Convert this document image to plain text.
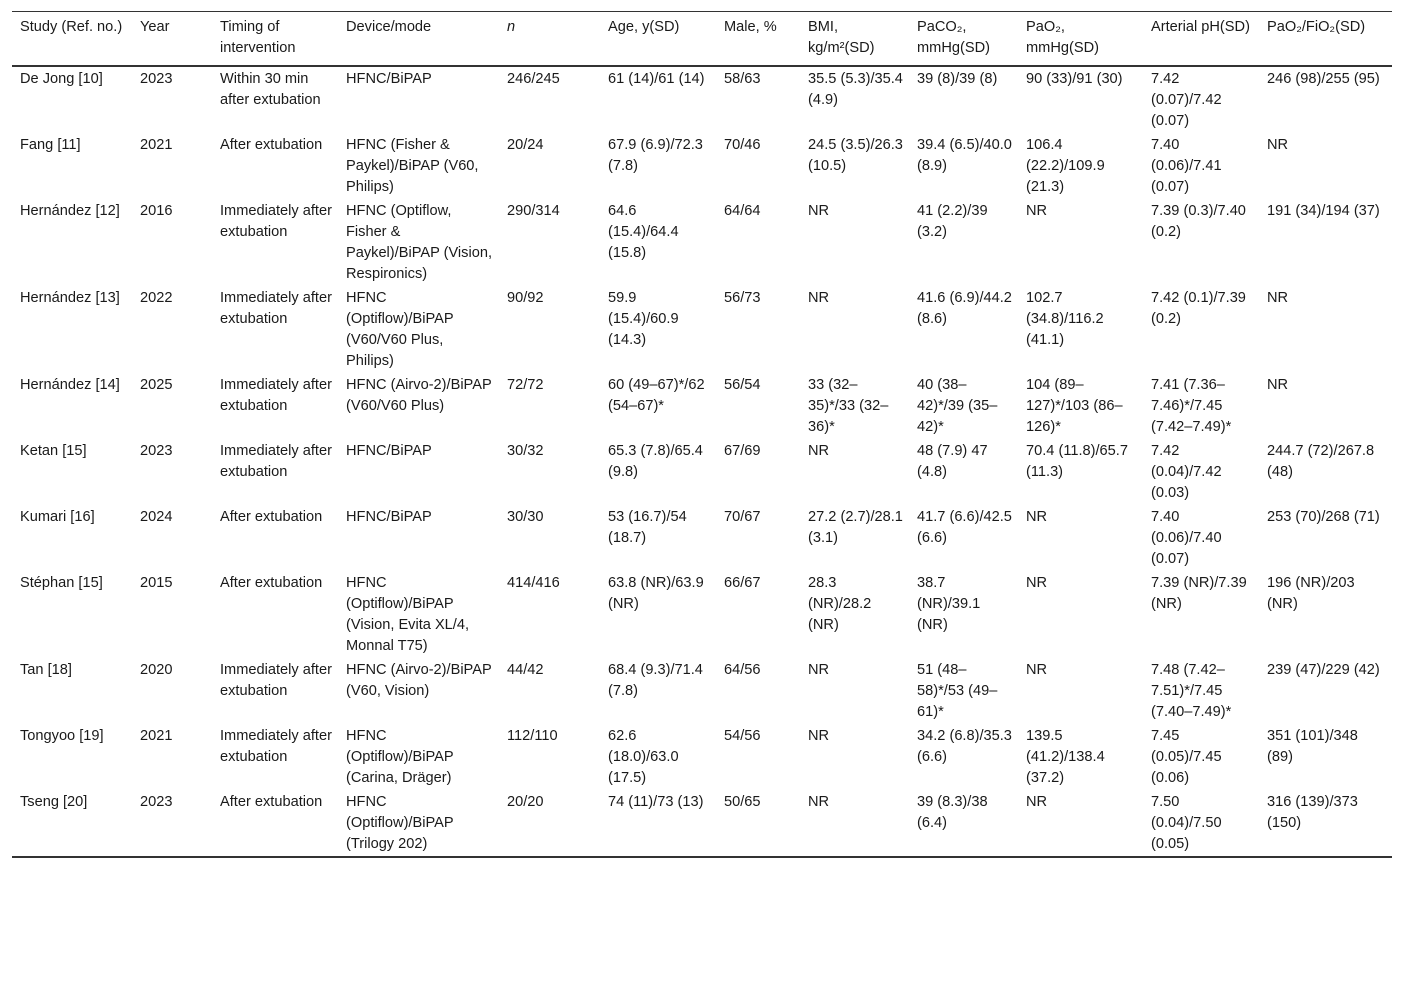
Study (Ref. no.)	Year	Timing of intervention	Device/mode	n	Age, y(SD)	Male, %	BMI, kg/m²(SD)	PaCO₂, mmHg(SD)	PaO₂, mmHg(SD)	Arterial pH(SD)	PaO₂/FiO₂(SD)
De Jong [10]	2023	Within 30 min after extubation	HFNC/BiPAP	246/245	61 (14)/61 (14)	58/63	35.5 (5.3)/35.4 (4.9)	39 (8)/39 (8)	90 (33)/91 (30)	7.42 (0.07)/7.42 (0.07)	246 (98)/255 (95)
Fang [11]	2021	After extubation	HFNC (Fisher & Paykel)/BiPAP (V60, Philips)	20/24	67.9 (6.9)/72.3 (7.8)	70/46	24.5 (3.5)/26.3 (10.5)	39.4 (6.5)/40.0 (8.9)	106.4 (22.2)/109.9 (21.3)	7.40 (0.06)/7.41 (0.07)	NR
Hernández [12]	2016	Immediately after extubation	HFNC (Optiflow, Fisher & Paykel)/BiPAP (Vision, Respironics)	290/314	64.6 (15.4)/64.4 (15.8)	64/64	NR	41 (2.2)/39 (3.2)	NR	7.39 (0.3)/7.40 (0.2)	191 (34)/194 (37)
Hernández [13]	2022	Immediately after extubation	HFNC (Optiflow)/BiPAP (V60/V60 Plus, Philips)	90/92	59.9 (15.4)/60.9 (14.3)	56/73	NR	41.6 (6.9)/44.2 (8.6)	102.7 (34.8)/116.2 (41.1)	7.42 (0.1)/7.39 (0.2)	NR
Hernández [14]	2025	Immediately after extubation	HFNC (Airvo-2)/BiPAP (V60/V60 Plus)	72/72	60 (49–67)*/62 (54–67)*	56/54	33 (32–35)*/33 (32–36)*	40 (38–42)*/39 (35–42)*	104 (89–127)*/103 (86–126)*	7.41 (7.36–7.46)*/7.45 (7.42–7.49)*	NR
Ketan [15]	2023	Immediately after extubation	HFNC/BiPAP	30/32	65.3 (7.8)/65.4 (9.8)	67/69	NR	48 (7.9) 47 (4.8)	70.4 (11.8)/65.7 (11.3)	7.42 (0.04)/7.42 (0.03)	244.7 (72)/267.8 (48)
Kumari [16]	2024	After extubation	HFNC/BiPAP	30/30	53 (16.7)/54 (18.7)	70/67	27.2 (2.7)/28.1 (3.1)	41.7 (6.6)/42.5 (6.6)	NR	7.40 (0.06)/7.40 (0.07)	253 (70)/268 (71)
Stéphan [15]	2015	After extubation	HFNC (Optiflow)/BiPAP (Vision, Evita XL/4, Monnal T75)	414/416	63.8 (NR)/63.9 (NR)	66/67	28.3 (NR)/28.2 (NR)	38.7 (NR)/39.1 (NR)	NR	7.39 (NR)/7.39 (NR)	196 (NR)/203 (NR)
Tan [18]	2020	Immediately after extubation	HFNC (Airvo-2)/BiPAP (V60, Vision)	44/42	68.4 (9.3)/71.4 (7.8)	64/56	NR	51 (48–58)*/53 (49–61)*	NR	7.48 (7.42–7.51)*/7.45 (7.40–7.49)*	239 (47)/229 (42)
Tongyoo [19]	2021	Immediately after extubation	HFNC (Optiflow)/BiPAP (Carina, Dräger)	112/110	62.6 (18.0)/63.0 (17.5)	54/56	NR	34.2 (6.8)/35.3 (6.6)	139.5 (41.2)/138.4 (37.2)	7.45 (0.05)/7.45 (0.06)	351 (101)/348 (89)
Tseng [20]	2023	After extubation	HFNC (Optiflow)/BiPAP (Trilogy 202)	20/20	74 (11)/73 (13)	50/65	NR	39 (8.3)/38 (6.4)	NR	7.50 (0.04)/7.50 (0.05)	316 (139)/373 (150)
